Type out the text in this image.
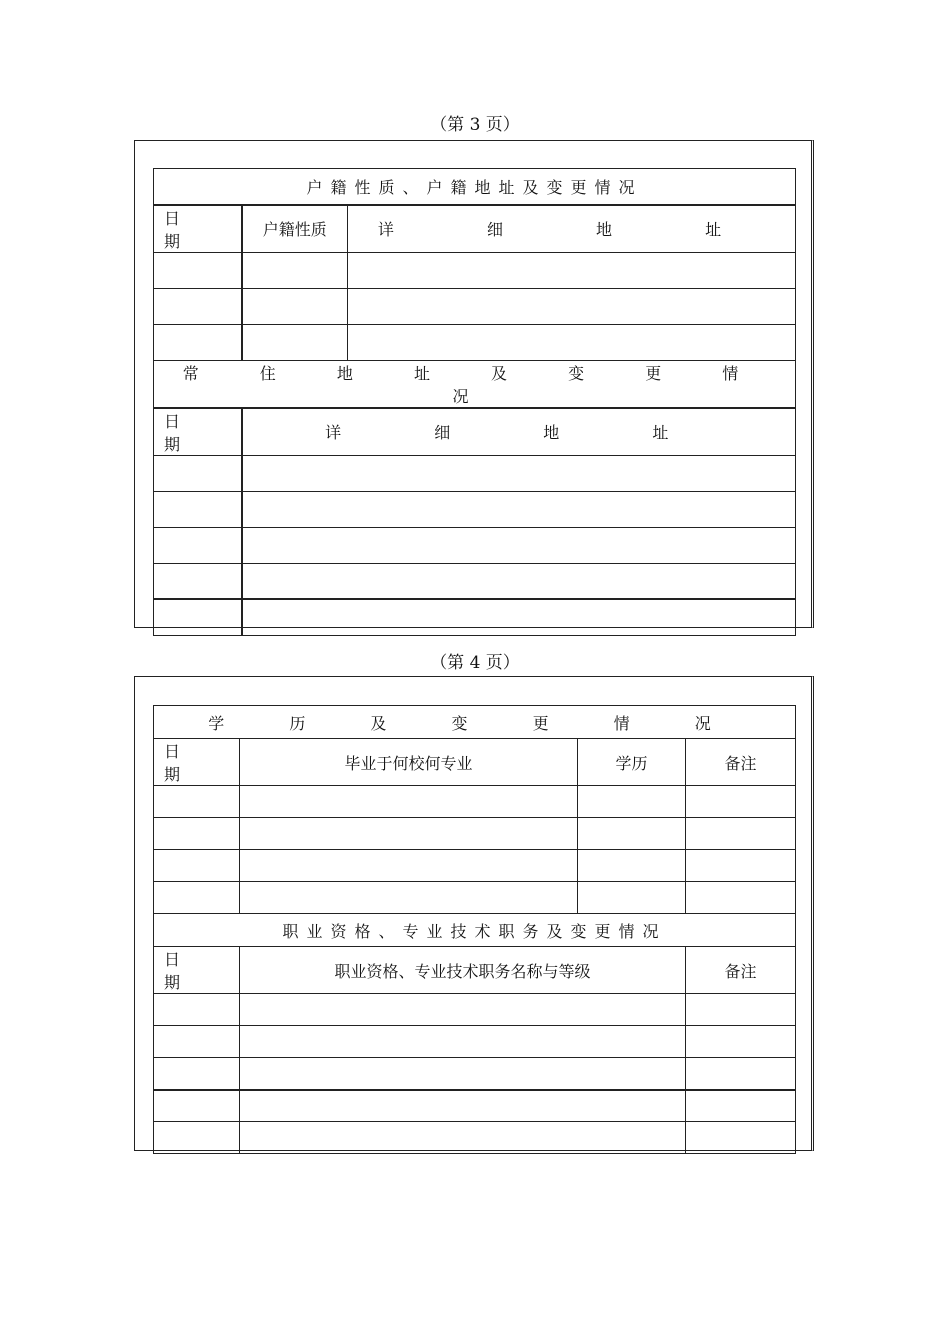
（第 3 页）
户籍性质、户籍地址及变更情况		
日 期	户籍性质	详 细 地 址

常 住 地 址 及 变 更 情 况		
日 期	详 细 地 址	

（第 4 页）
学 历 及 变 更 情 况			
日 期	毕业于何校何专业	学历	备注

职业资格、专业技术职务及变更情况			
日 期	职业资格、专业技术职务名称与等级		备注
